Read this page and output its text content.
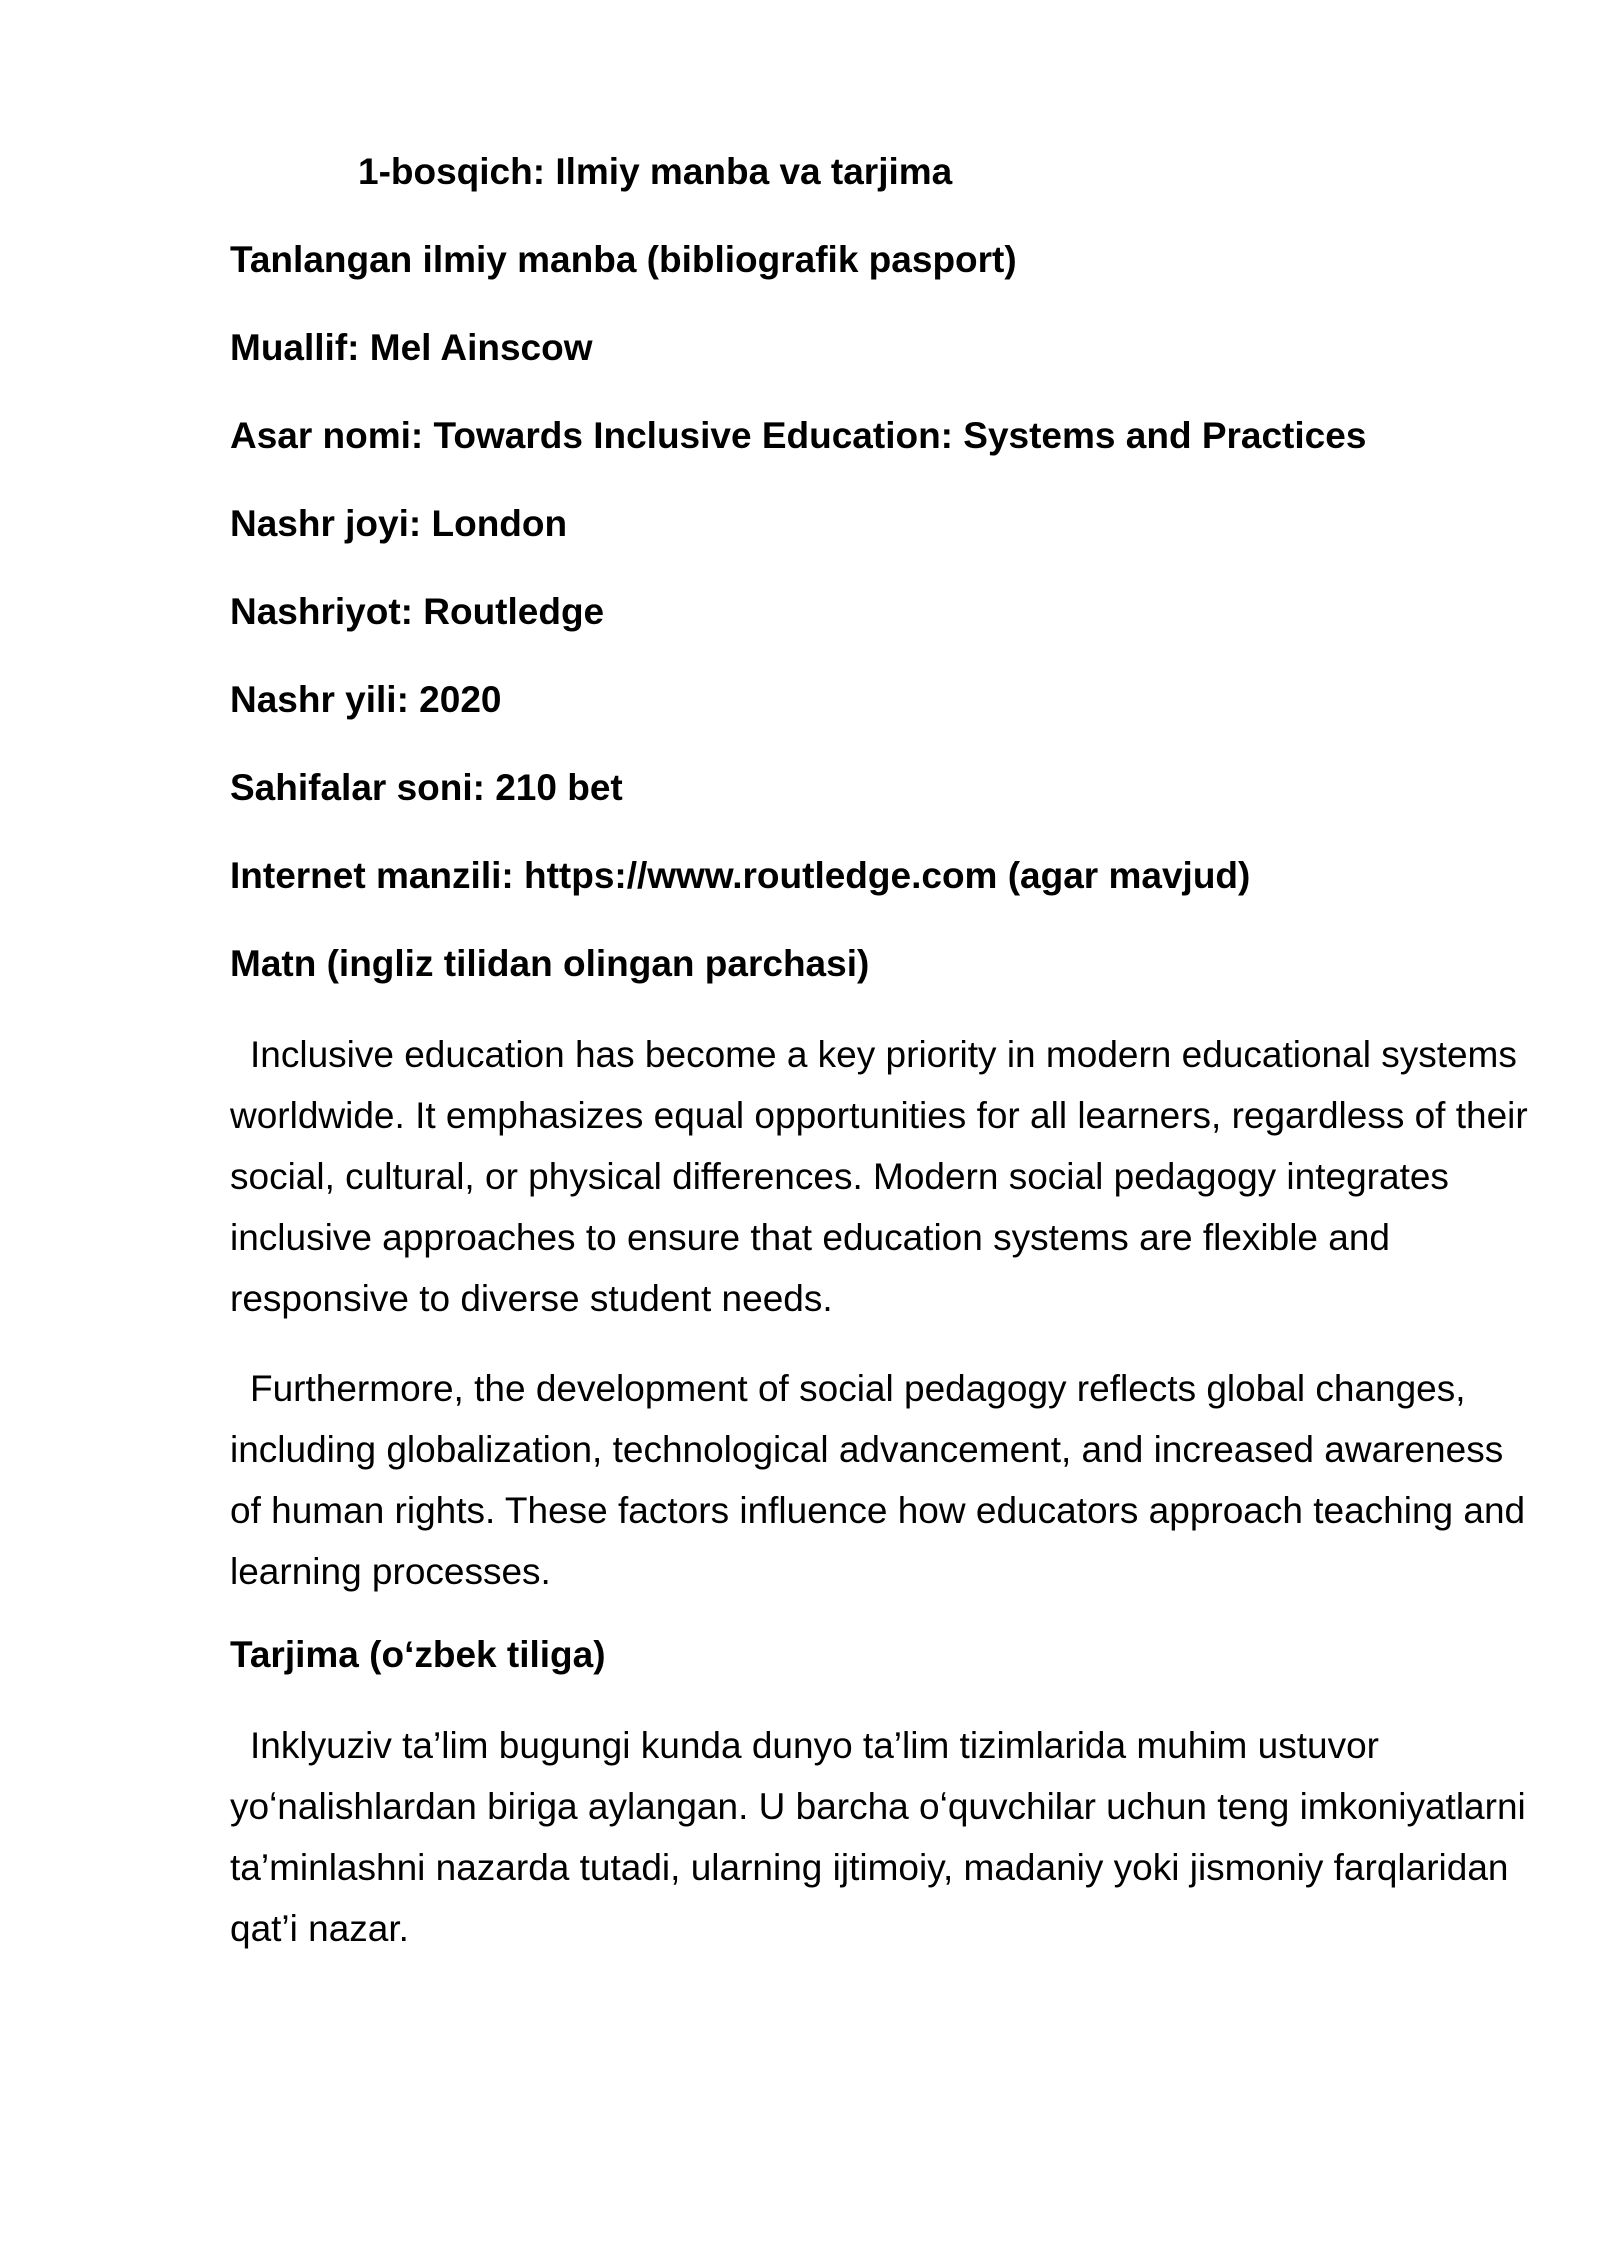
1-bosqich: Ilmiy manba va tarjima
Tanlangan ilmiy manba (bibliografik pasport)
Muallif: Mel Ainscow
Asar nomi: Towards Inclusive Education: Systems and Practices
Nashr joyi: London
Nashriyot: Routledge
Nashr yili: 2020
Sahifalar soni: 210 bet
Internet manzili: https://www.routledge.com (agar mavjud)
Matn (ingliz tilidan olingan parchasi)

Inclusive education has become a key priority in modern educational systems worldwide. It emphasizes equal opportunities for all learners, regardless of their social, cultural, or physical differences. Modern social pedagogy integrates inclusive approaches to ensure that education systems are flexible and responsive to diverse student needs.

Furthermore, the development of social pedagogy reflects global changes, including globalization, technological advancement, and increased awareness of human rights. These factors influence how educators approach teaching and learning processes.

Tarjima (oʻzbek tiliga)

Inklyuziv ta’lim bugungi kunda dunyo ta’lim tizimlarida muhim ustuvor yoʻnalishlardan biriga aylangan. U barcha oʻquvchilar uchun teng imkoniyatlarni ta’minlashni nazarda tutadi, ularning ijtimoiy, madaniy yoki jismoniy farqlaridan qat’i nazar.
